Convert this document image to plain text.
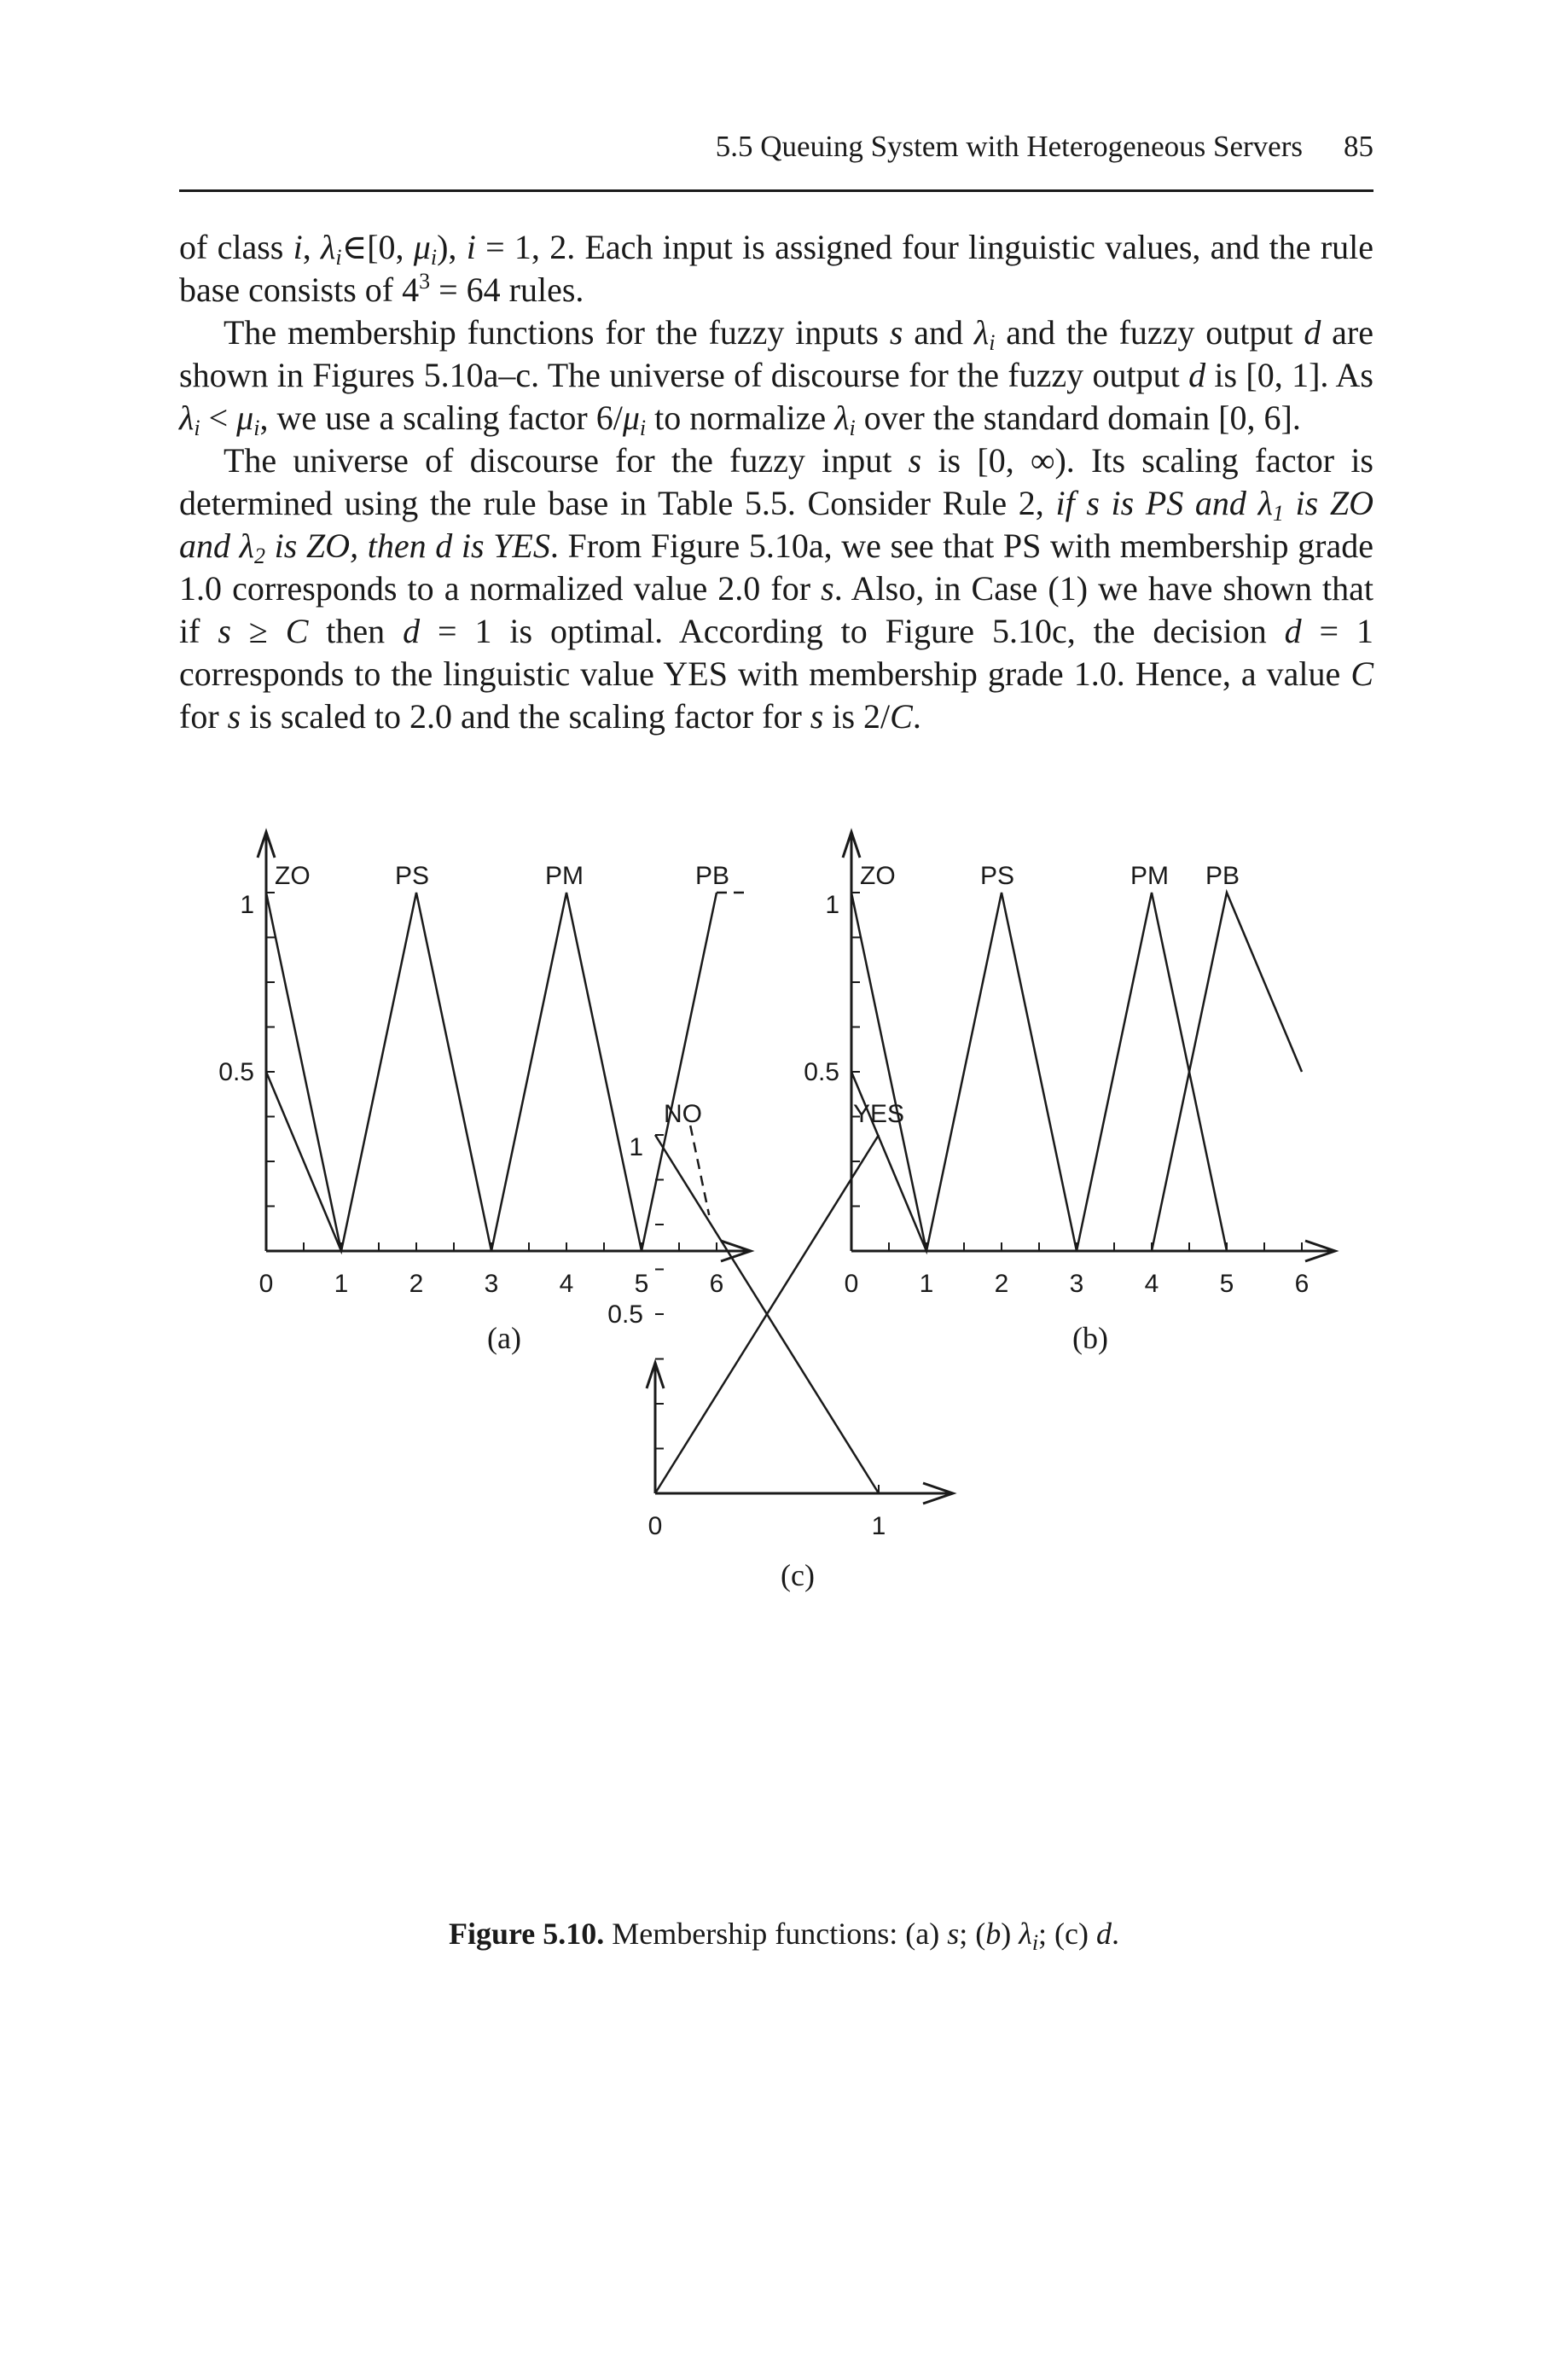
5.5 Queuing System with Heterogeneous Servers 85

of class i, $\lambda_i\in[0$, $\mu_i$), i = 1, 2. Each input is assigned four linguistic values, and the rule base consists of $4^3 = 64$ rules.

The membership functions for the fuzzy inputs s and $\lambda_i$ and the fuzzy output d are shown in Figures 5.10a–c. The universe of discourse for the fuzzy output d is [0, 1]. As $\lambda_i < \mu_i$, we use a scaling factor $6/\mu_i$ to normalize $\lambda_i$ over the standard domain [0, 6].

The universe of discourse for the fuzzy input s is [0, ∞). Its scaling factor is determined using the rule base in Table 5.5. Consider Rule 2, if s is PS and $\lambda_1$ is ZO and $\lambda_2$ is ZO, then d is YES. From Figure 5.10a, we see that PS with membership grade 1.0 corresponds to a normalized value 2.0 for s. Also, in Case (1) we have shown that if s ≥ C then d = 1 is optimal. According to Figure 5.10c, the decision d = 1 corresponds to the linguistic value YES with membership grade 1.0. Hence, a value C for s is scaled to 2.0 and the scaling factor for s is 2/C.

0 1 2 3 4 5 6
0.5
1
ZO	PS	PM	PB
(a)
0 1 2 3 4 5 6
0.5
1
ZO	PS	PM PB
(b)
0	1
0.5
1
NO	YES
(c)
Figure 5.10. Membership functions: (a) s; (b) $\lambda_i$; (c) d.
